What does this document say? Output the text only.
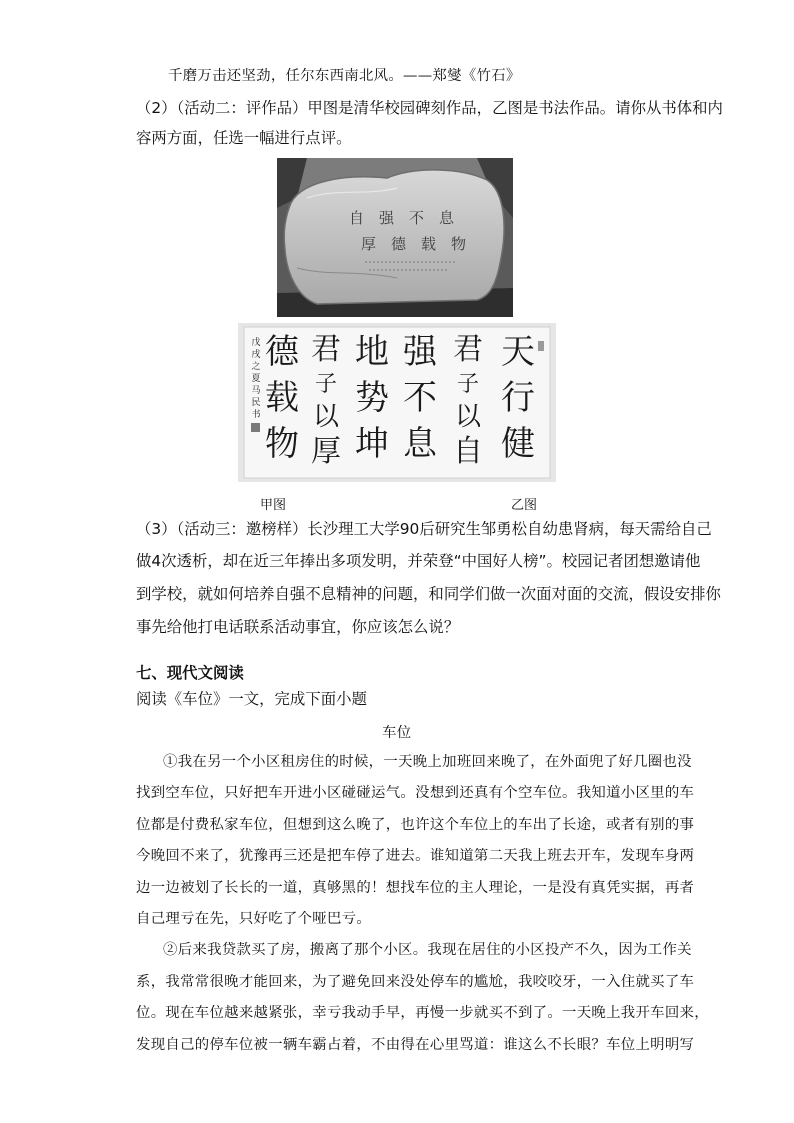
千磨万击还坚劲，任尔东西南北风。——郑燮《竹石》
（2）（活动二：评作品）甲图是清华校园碑刻作品，乙图是书法作品。请你从书体和内
容两方面，任选一幅进行点评。
自 强 不 息
厚 德 载 物
天
行
健
君
子
以
自
强
不
息
地
势
坤
君
子
以
厚
德
载
物
戊
戌
之
夏
马
民
书
甲图	乙图
（3）（活动三：邀榜样）长沙理工大学90后研究生邹勇松自幼患肾病，每天需给自己
做4次透析，却在近三年捧出多项发明，并荣登“中国好人榜”。校园记者团想邀请他
到学校，就如何培养自强不息精神的问题，和同学们做一次面对面的交流，假设安排你
事先给他打电话联系活动事宜，你应该怎么说？
七、现代文阅读
阅读《车位》一文，完成下面小题
车位
①我在另一个小区租房住的时候，一天晚上加班回来晚了，在外面兜了好几圈也没
找到空车位，只好把车开进小区碰碰运气。没想到还真有个空车位。我知道小区里的车
位都是付费私家车位，但想到这么晚了，也许这个车位上的车出了长途，或者有别的事
今晚回不来了，犹豫再三还是把车停了进去。谁知道第二天我上班去开车，发现车身两
边一边被划了长长的一道，真够黑的！想找车位的主人理论，一是没有真凭实据，再者
自己理亏在先，只好吃了个哑巴亏。
②后来我贷款买了房，搬离了那个小区。我现在居住的小区投产不久，因为工作关
系，我常常很晚才能回来，为了避免回来没处停车的尴尬，我咬咬牙，一入住就买了车
位。现在车位越来越紧张，幸亏我动手早，再慢一步就买不到了。一天晚上我开车回来，
发现自己的停车位被一辆车霸占着，不由得在心里骂道：谁这么不长眼？车位上明明写
